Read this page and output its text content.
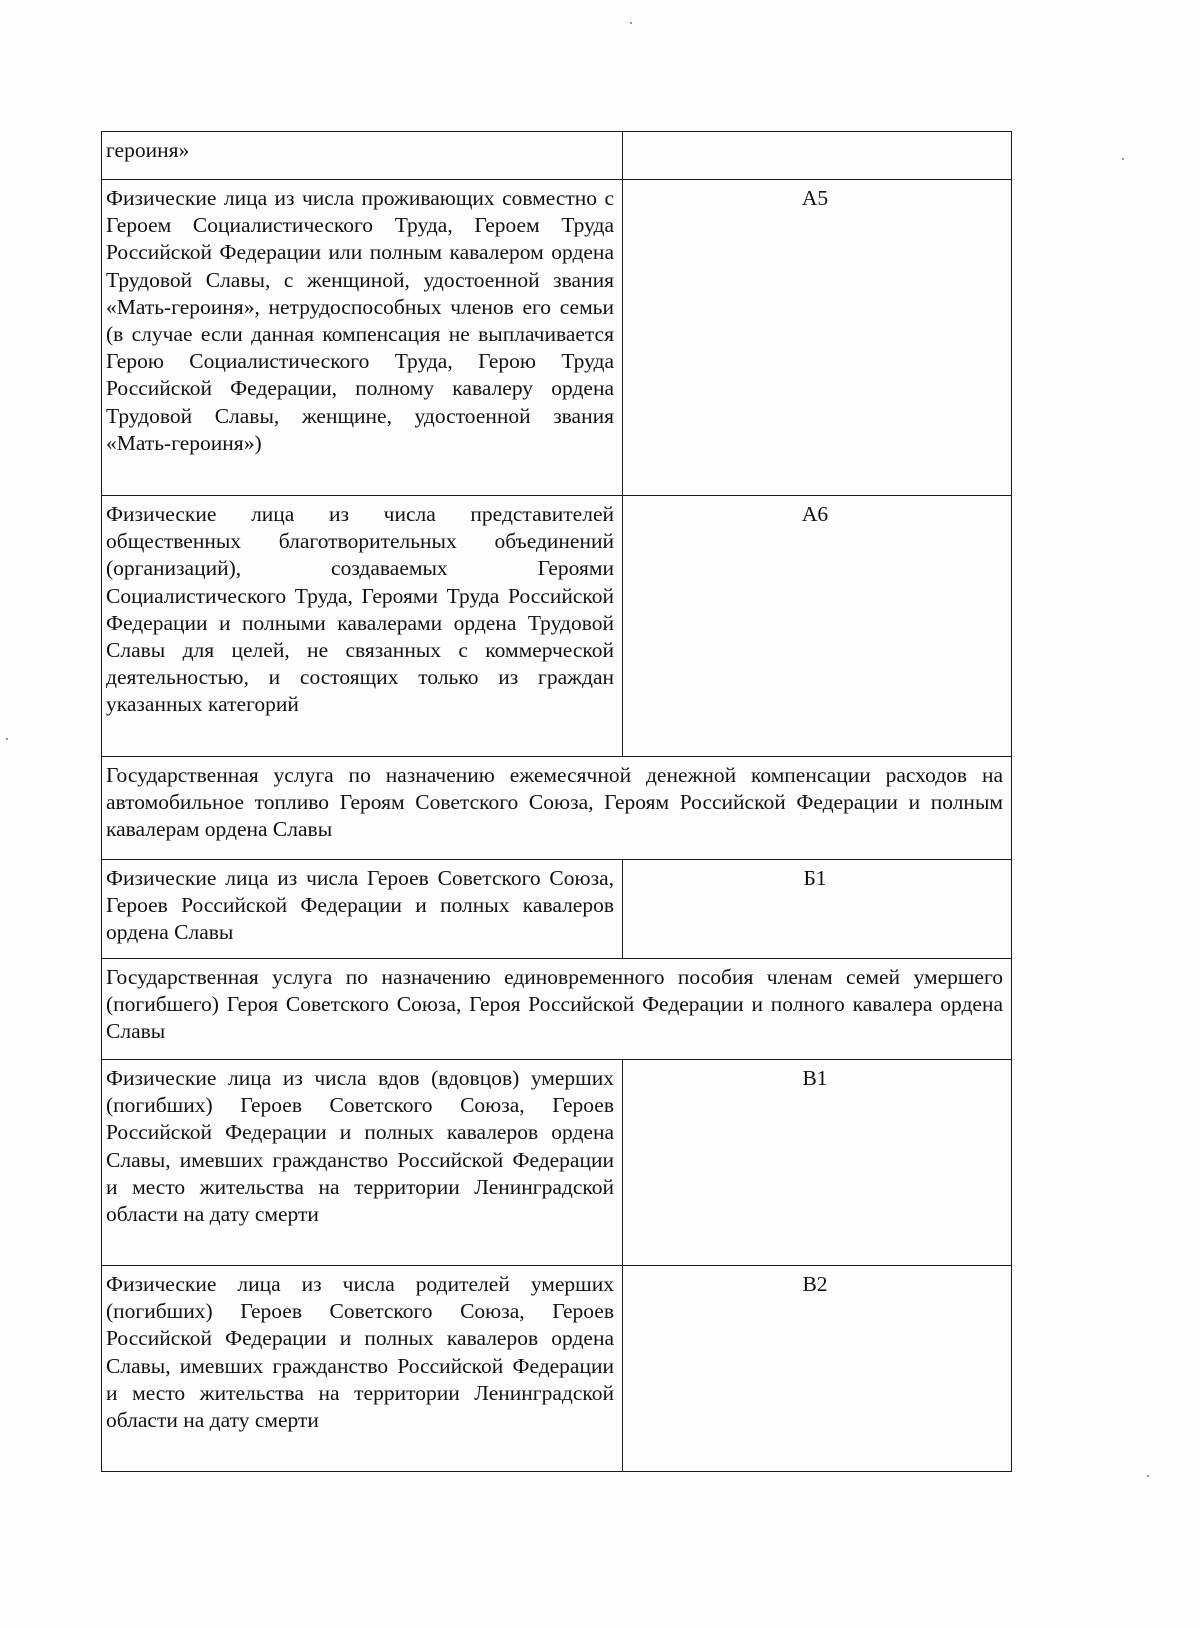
героиня»	
Физические лица из числа проживающих совместно с Героем Социалистического Труда, Героем Труда Российской Федерации или полным кавалером ордена Трудовой Славы, с женщиной, удостоенной звания «Мать-героиня», нетрудоспособных членов его семьи (в случае если данная компенсация не выплачивается Герою Социалистического Труда, Герою Труда Российской Федерации, полному кавалеру ордена Трудовой Славы, женщине, удостоенной звания «Мать-героиня»)	А5
Физические лица из числа представителей общественных благотворительных объединений (организаций), создаваемых Героями Социалистического Труда, Героями Труда Российской Федерации и полными кавалерами ордена Трудовой Славы для целей, не связанных с коммерческой деятельностью, и состоящих только из граждан указанных категорий	А6
Государственная услуга по назначению ежемесячной денежной компенсации расходов на автомобильное топливо Героям Советского Союза, Героям Российской Федерации и полным кавалерам ордена Славы	
Физические лица из числа Героев Советского Союза, Героев Российской Федерации и полных кавалеров ордена Славы	Б1
Государственная услуга по назначению единовременного пособия членам семей умершего (погибшего) Героя Советского Союза, Героя Российской Федерации и полного кавалера ордена Славы	
Физические лица из числа вдов (вдовцов) умерших (погибших) Героев Советского Союза, Героев Российской Федерации и полных кавалеров ордена Славы, имевших гражданство Российской Федерации и место жительства на территории Ленинградской области на дату смерти	В1
Физические лица из числа родителей умерших (погибших) Героев Советского Союза, Героев Российской Федерации и полных кавалеров ордена Славы, имевших гражданство Российской Федерации и место жительства на территории Ленинградской области на дату смерти	В2
